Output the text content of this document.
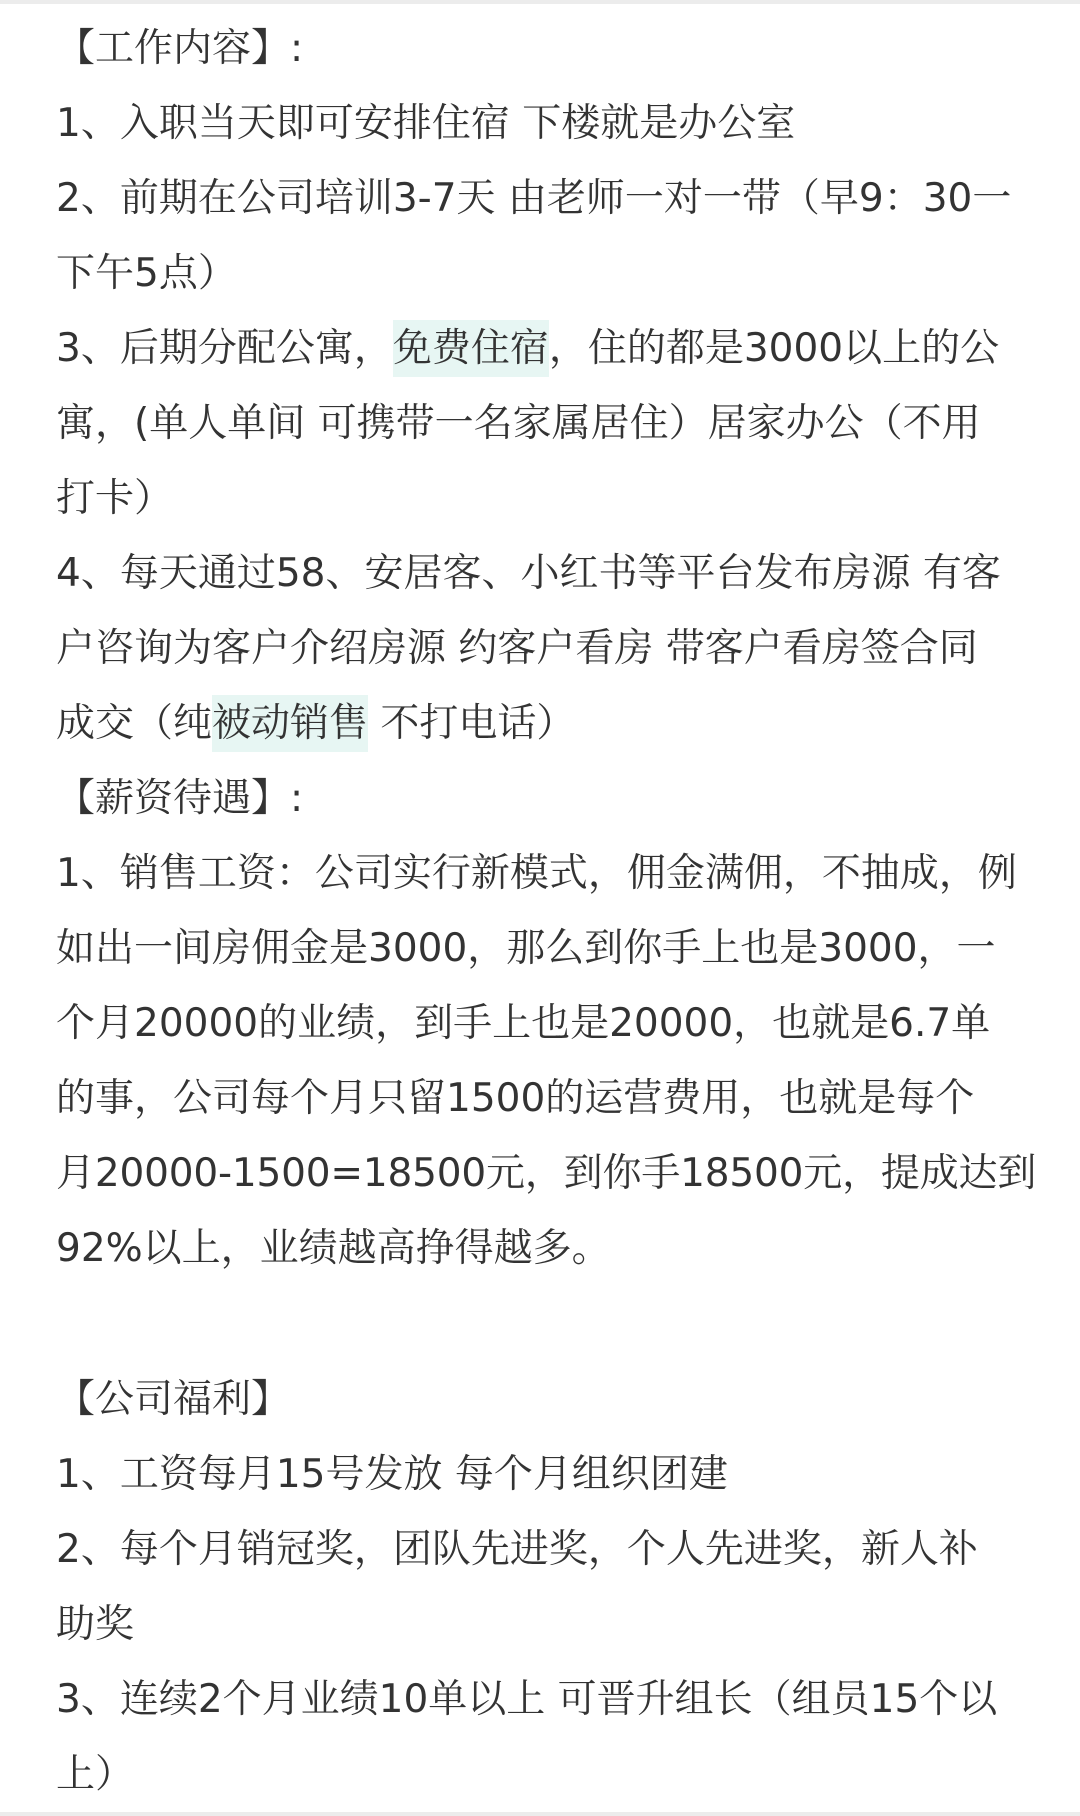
【工作内容】:
1、入职当天即可安排住宿 下楼就是办公室
2、前期在公司培训3-7天 由老师一对一带（早9：30一
下午5点）
3、后期分配公寓，免费住宿，住的都是3000以上的公
寓，(单人单间 可携带一名家属居住）居家办公（不用
打卡）
4、每天通过58、安居客、小红书等平台发布房源 有客
户咨询为客户介绍房源 约客户看房 带客户看房签合同
成交（纯被动销售 不打电话）
【薪资待遇】:
1、销售工资：公司实行新模式，佣金满佣，不抽成，例
如出一间房佣金是3000，那么到你手上也是3000，一
个月20000的业绩，到手上也是20000，也就是6.7单
的事，公司每个月只留1500的运营费用，也就是每个
月20000-1500=18500元，到你手18500元，提成达到
92%以上，业绩越高挣得越多。
【公司福利】
1、工资每月15号发放 每个月组织团建
2、每个月销冠奖，团队先进奖，个人先进奖，新人补
助奖
3、连续2个月业绩10单以上 可晋升组长（组员15个以
上）
